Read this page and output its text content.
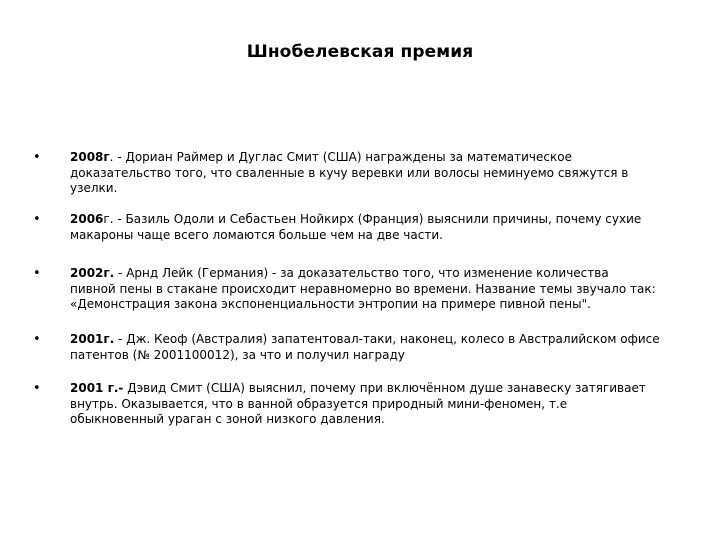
Шнобелевская премия
• 2008г. - Дориан Раймер и Дуглас Смит (США) награждены за математическое
доказательство того, что сваленные в кучу веревки или волосы неминуемо свяжутся в
узелки.
• 2006г. - Базиль Одоли и Себастьен Нойкирх (Франция) выяснили причины, почему сухие
макароны чаще всего ломаются больше чем на две части.
• 2002г. - Арнд Лейк (Германия) - за доказательство того, что изменение количества
пивной пены в стакане происходит неравномерно во времени. Название темы звучало так:
«Демонстрация закона экспоненциальности энтропии на примере пивной пены".
• 2001г. - Дж. Кеоф (Австралия) запатентовал-таки, наконец, колесо в Австралийском офисе
патентов (№ 2001100012), за что и получил награду
• 2001 г.- Дэвид Смит (США) выяснил, почему при включённом душе занавеску затягивает
внутрь. Оказывается, что в ванной образуется природный мини-феномен, т.е
обыкновенный ураган с зоной низкого давления.
